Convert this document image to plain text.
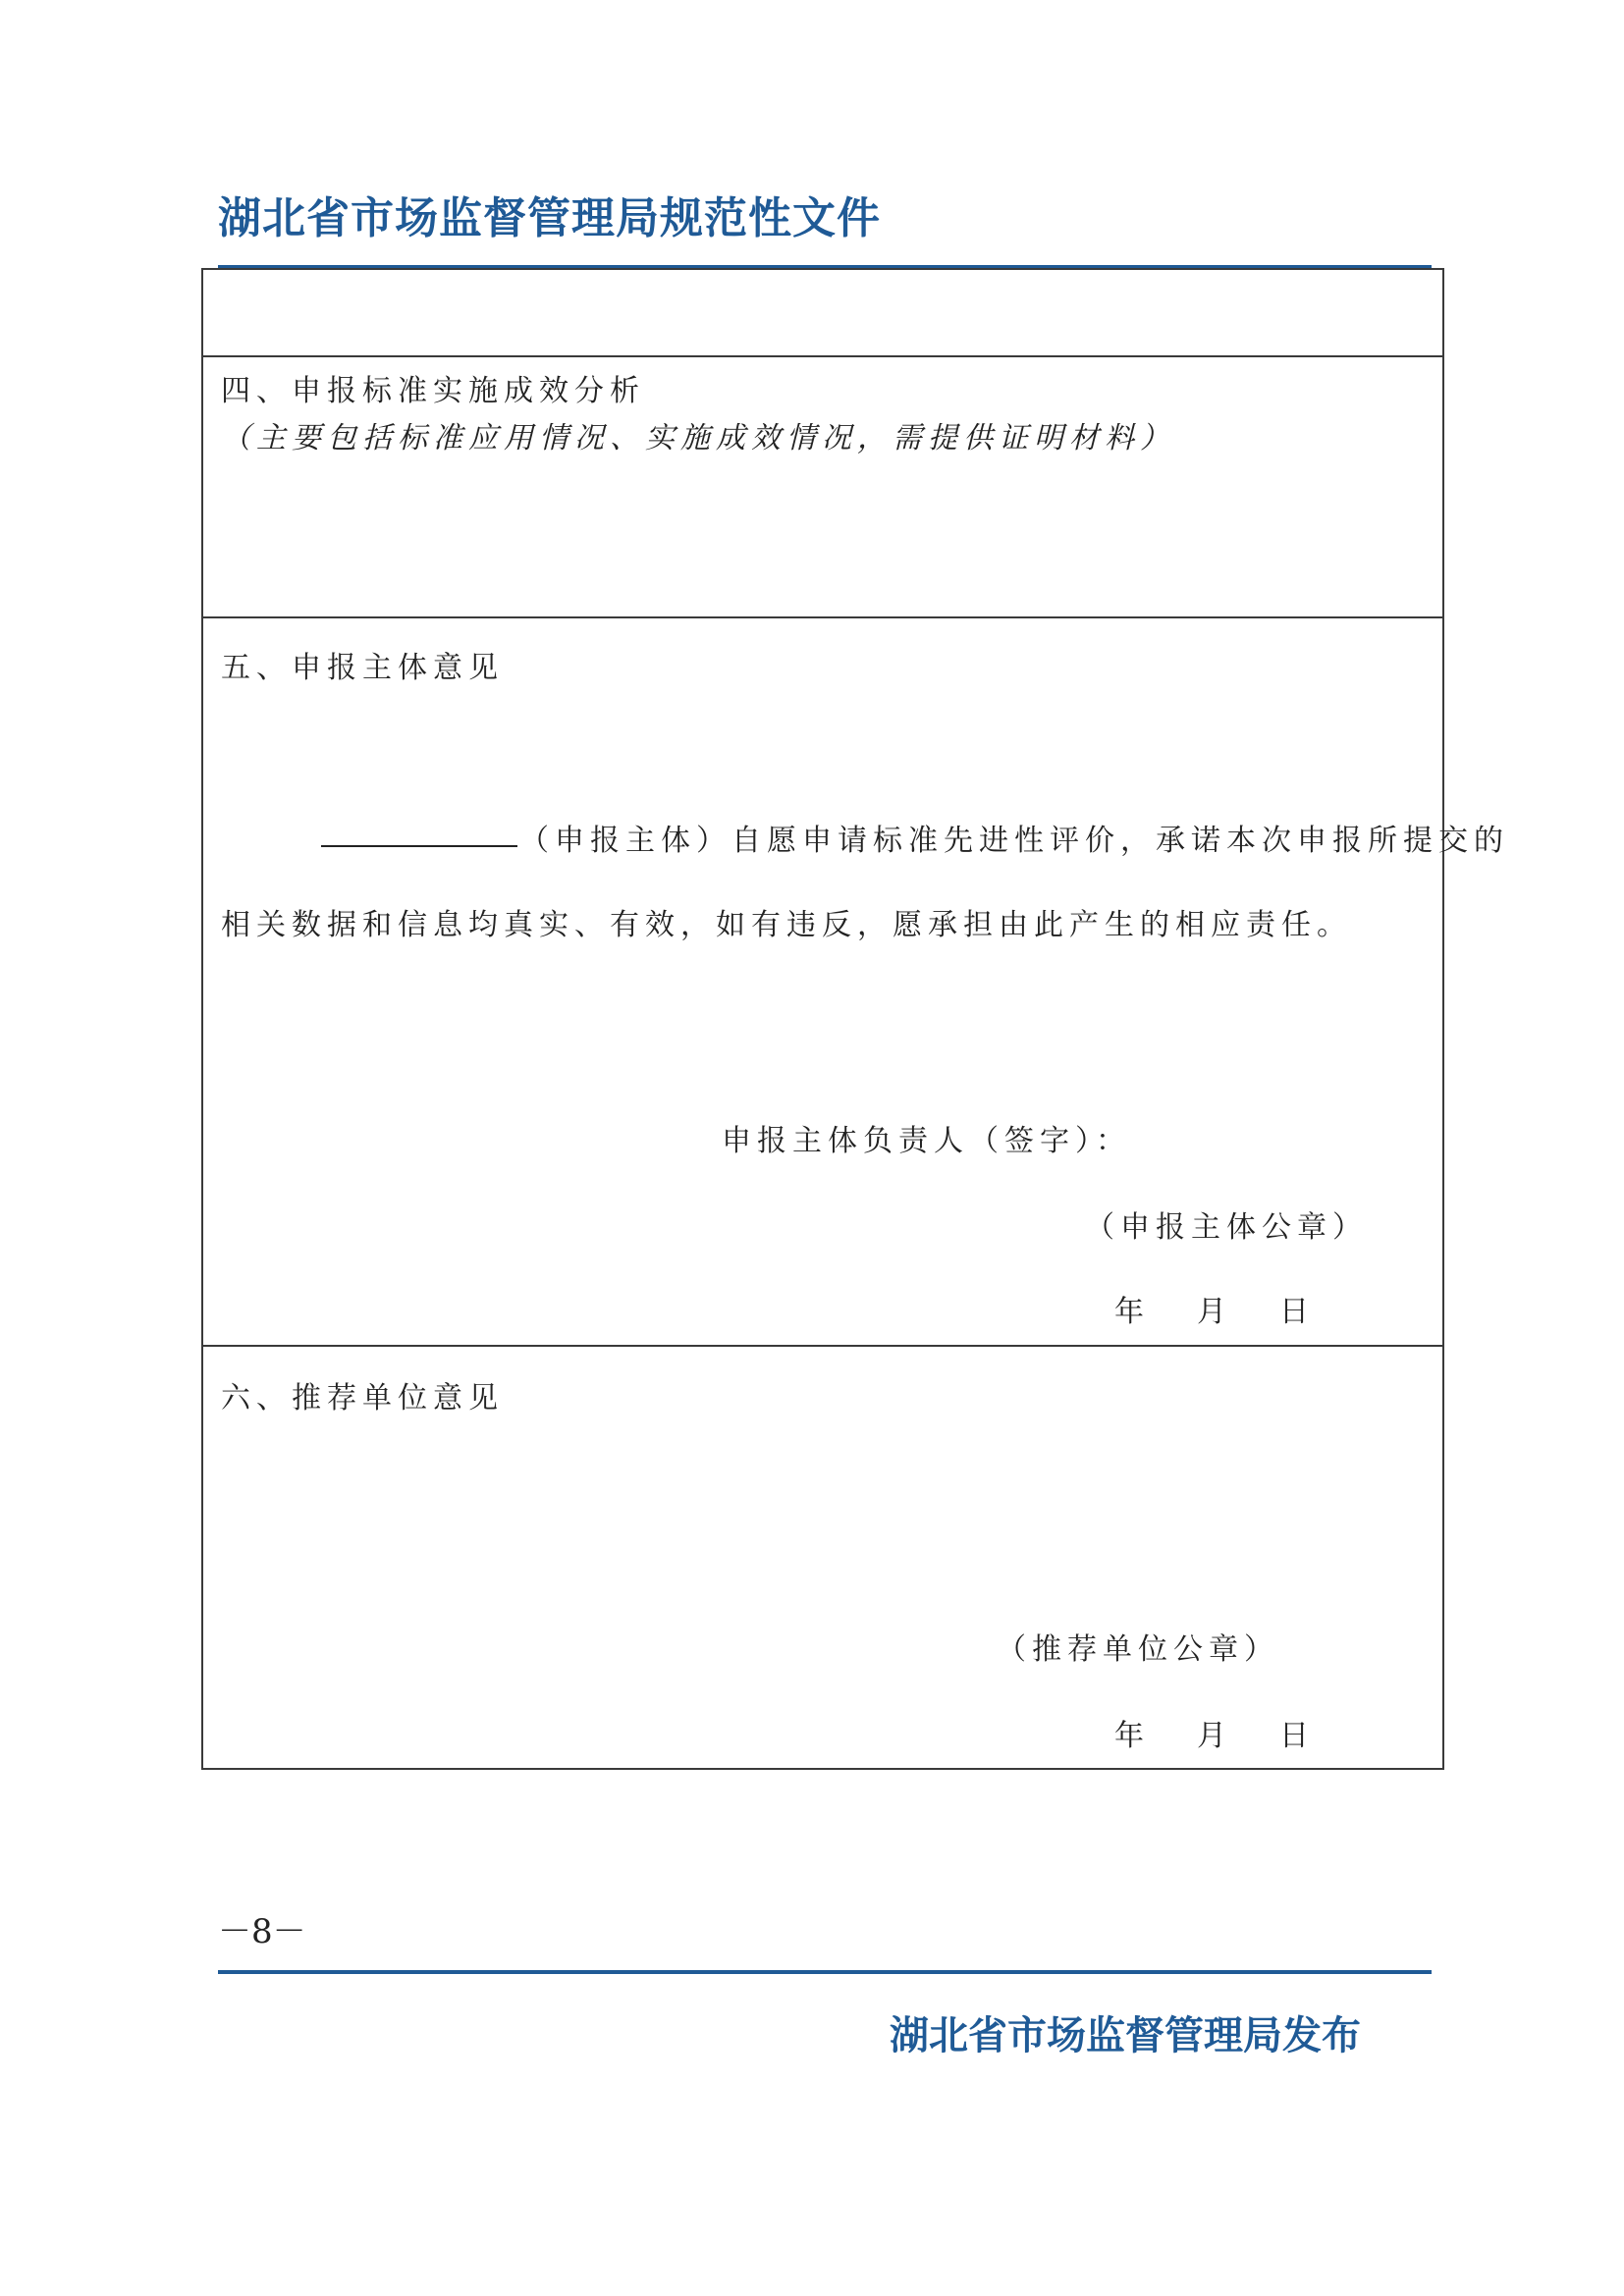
湖北省市场监督管理局规范性文件
四、申报标准实施成效分析
（主要包括标准应用情况、实施成效情况，需提供证明材料）
五、申报主体意见
（申报主体）自愿申请标准先进性评价，承诺本次申报所提交的
相关数据和信息均真实、有效，如有违反，愿承担由此产生的相应责任。
申报主体负责人（签字）：
（申报主体公章）
年 月 日
六、推荐单位意见
（推荐单位公章）
年 月 日
－8－
湖北省市场监督管理局发布
